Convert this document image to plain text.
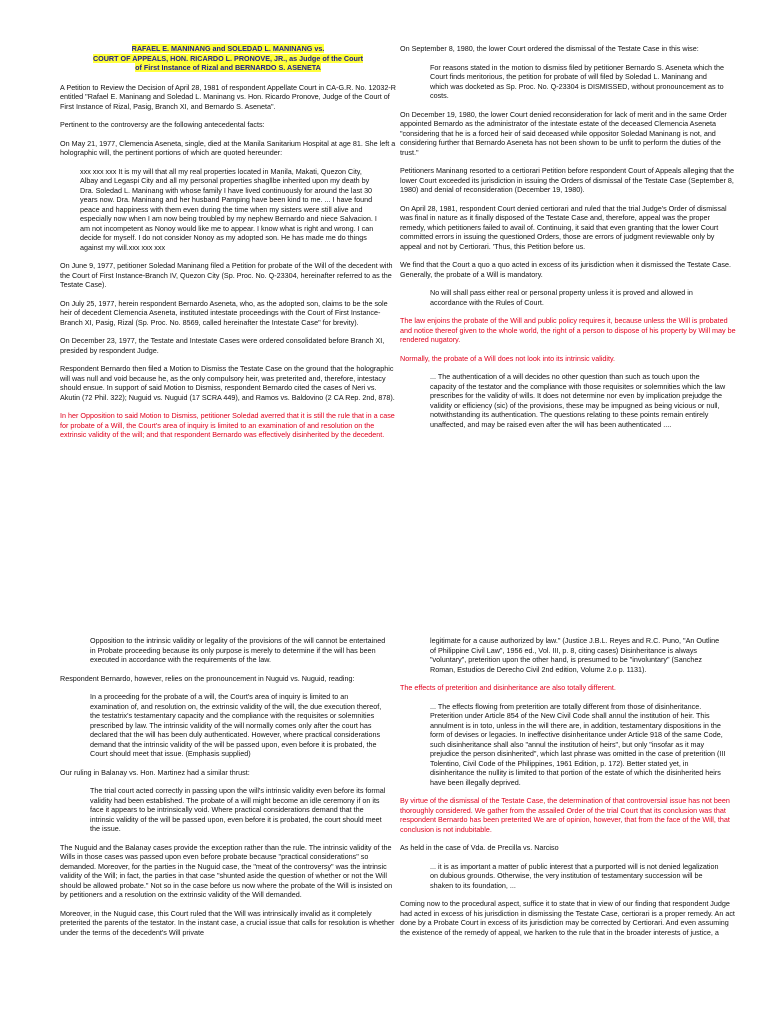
RAFAEL E. MANINANG and SOLEDAD L. MANINANG vs.
COURT OF APPEALS, HON. RICARDO L. PRONOVE, JR., as Judge of the Court
of First Instance of Rizal and BERNARDO S. ASENETA

A Petition to Review the Decision of April 28, 1981 of respondent Appellate Court in CA-G.R. No. 12032-R entitled "Rafael E. Maninang and Soledad L. Maninang vs. Hon. Ricardo Pronove, Judge of the Court of First Instance of Rizal, Pasig, Branch XI, and Bernardo S. Aseneta".

Pertinent to the controversy are the following antecedental facts:

On May 21, 1977, Clemencia Aseneta, single, died at the Manila Sanitarium Hospital at age 81. She left a holographic will, the pertinent portions of which are quoted hereunder:

xxx xxx xxx It is my will that all my real properties located in Manila, Makati, Quezon City, Albay and Legaspi City and all my personal properties shagllbe inherited upon my death by Dra. Soledad L. Maninang with whose family I have lived continuously for around the last 30 years now. Dra. Maninang and her husband Pamping have been kind to me. ... I have found peace and happiness with them even during the time when my sisters were still alive and especially now when I am now being troubled by my nephew Bernardo and niece Salvacion. I am not incompetent as Nonoy would like me to appear. I know what is right and wrong. I can decide for myself. I do not consider Nonoy as my adopted son. He has made me do things against my will.xxx xxx xxx

On June 9, 1977, petitioner Soledad Maninang filed a Petition for probate of the Will of the decedent with the Court of First Instance-Branch IV, Quezon City (Sp. Proc. No. Q-23304, hereinafter referred to as the Testate Case).

On July 25, 1977, herein respondent Bernardo Aseneta, who, as the adopted son, claims to be the sole heir of decedent Clemencia Aseneta, instituted intestate proceedings with the Court of First Instance-Branch XI, Pasig, Rizal (Sp. Proc. No. 8569, called hereinafter the Intestate Case" for brevity).

On December 23, 1977, the Testate and Intestate Cases were ordered consolidated before Branch XI, presided by respondent Judge.

Respondent Bernardo then filed a Motion to Dismiss the Testate Case on the ground that the holographic will was null and void because he, as the only compulsory heir, was preterited and, therefore, intestacy should ensue. In support of said Motion to Dismiss, respondent Bernardo cited the cases of Neri vs. Akutin (72 Phil. 322); Nuguid vs. Nuguid (17 SCRA 449), and Ramos vs. Baldovino (2 CA Rep. 2nd, 878).

In her Opposition to said Motion to Dismiss, petitioner Soledad averred that it is still the rule that in a case for probate of a Will, the Court's area of inquiry is limited to an examination of and resolution on the extrinsic validity of the will; and that respondent Bernardo was effectively disinherited by the decedent.

On September 8, 1980, the lower Court ordered the dismissal of the Testate Case in this wise:

For reasons stated in the motion to dismiss filed by petitioner Bernardo S. Aseneta which the Court finds meritorious, the petition for probate of will filed by Soledad L. Maninang and which was docketed as Sp. Proc. No. Q-23304 is DISMISSED, without pronouncement as to costs.

On December 19, 1980, the lower Court denied reconsideration for lack of merit and in the same Order appointed Bernardo as the administrator of the intestate estate of the deceased Clemencia Aseneta "considering that he is a forced heir of said deceased while oppositor Soledad Maninang is not, and considering further that Bernardo Aseneta has not been shown to be unfit to perform the duties of the trust."

Petitioners Maninang resorted to a certiorari Petition before respondent Court of Appeals alleging that the lower Court exceeded its jurisdiction in issuing the Orders of dismissal of the Testate Case (September 8, 1980) and denial of reconsideration (December 19, 1980).

On April 28, 1981, respondent Court denied certiorari and ruled that the trial Judge's Order of dismissal was final in nature as it finally disposed of the Testate Case and, therefore, appeal was the proper remedy, which petitioners failed to avail of. Continuing, it said that even granting that the lower Court committed errors in issuing the questioned Orders, those are errors of judgment reviewable only by appeal and not by Certiorari. 'Thus, this Petition before us.

We find that the Court a quo a quo acted in excess of its jurisdiction when it dismissed the Testate Case. Generally, the probate of a Will is mandatory.

No will shall pass either real or personal property unless it is proved and allowed in accordance with the Rules of Court.

The law enjoins the probate of the Will and public policy requires it, because unless the Will is probated and notice thereof given to the whole world, the right of a person to dispose of his property by Will may be rendered nugatory.

Normally, the probate of a Will does not look into its intrinsic validity.

... The authentication of a will decides no other question than such as touch upon the capacity of the testator and the compliance with those requisites or solemnities which the law prescribes for the validity of wills. It does not determine nor even by implication prejudge the validity or efficiency (sic) of the provisions, these may be impugned as being vicious or null, notwithstanding its authentication. The questions relating to these points remain entirely unaffected, and may be raised even after the will has been authenticated ....

Opposition to the intrinsic validity or legality of the provisions of the will cannot be entertained in Probate proceeding because its only purpose is merely to determine if the will has been executed in accordance with the requirements of the law.

Respondent Bernardo, however, relies on the pronouncement in Nuguid vs. Nuguid, reading:

In a proceeding for the probate of a will, the Court's area of inquiry is limited to an examination of, and resolution on, the extrinsic validity of the will, the due execution thereof, the testatrix's testamentary capacity and the compliance with the requisites or solemnities prescribed by law. The intrinsic validity of the will normally comes only after the court has declared that the will has been duly authenticated. However, where practical considerations demand that the intrinsic validity of the will be passed upon, even before it is probated, the Court should meet that issue. (Emphasis supplied)

Our ruling in Balanay vs. Hon. Martinez had a similar thrust:

The trial court acted correctly in passing upon the will's intrinsic validity even before its formal validity had been established. The probate of a will might become an idle ceremony if on its face it appears to be intrinsically void. Where practical considerations demand that the intrinsic validity of the will be passed upon, even before it is probated, the court should meet the issue.

The Nuguid and the Balanay cases provide the exception rather than the rule. The intrinsic validity of the Wills in those cases was passed upon even before probate because "practical considerations" so demanded. Moreover, for the parties in the Nuguid case, the "meat of the controversy" was the intrinsic validity of the Will; in fact, the parties in that case "shunted aside the question of whether or not the Will should be allowed probate." Not so in the case before us now where the probate of the Will is insisted on by petitioners and a resolution on the extrinsic validity of the Will demanded.

Moreover, in the Nuguid case, this Court ruled that the Will was intrinsically invalid as it completely preterited the parents of the testator. In the instant case, a crucial issue that calls for resolution is whether under the terms of the decedent's Will private

legitimate for a cause authorized by law." (Justice J.B.L. Reyes and R.C. Puno, "An Outline of Philippine Civil Law", 1956 ed., Vol. III, p. 8, citing cases) Disinheritance is always "voluntary", preterition upon the other hand, is presumed to be "involuntary" (Sanchez Roman, Estudios de Derecho Civil 2nd edition, Volume 2.o p. 1131).

The effects of preterition and disinheritance are also totally different.

... The effects flowing from preterition are totally different from those of disinheritance. Preterition under Article 854 of the New Civil Code shall annul the institution of heir. This annulment is in toto, unless in the will there are, in addition, testamentary dispositions in the form of devises or legacies. In ineffective disinheritance under Article 918 of the same Code, such disinheritance shall also "annul the institution of heirs", but only "insofar as it may prejudice the person disinherited", which last phrase was omitted in the case of preterition (III Tolentino, Civil Code of the Philippines, 1961 Edition, p. 172). Better stated yet, in disinheritance the nullity is limited to that portion of the estate of which the disinherited heirs have been illegally deprived.

By virtue of the dismissal of the Testate Case, the determination of that controversial issue has not been thoroughly considered. We gather from the assailed Order of the trial Court that its conclusion was that respondent Bernardo has been preterited We are of opinion, however, that from the face of the Will, that conclusion is not indubitable.

As held in the case of Vda. de Precilla vs. Narciso

... it is as important a matter of public interest that a purported will is not denied legalization on dubious grounds. Otherwise, the very institution of testamentary succession will be shaken to its foundation, ...

Coming now to the procedural aspect, suffice it to state that in view of our finding that respondent Judge had acted in excess of his jurisdiction in dismissing the Testate Case, certiorari is a proper remedy. An act done by a Probate Court in excess of its jurisdiction may be corrected by Certiorari. And even assuming the existence of the remedy of appeal, we harken to the rule that in the broader interests of justice, a
